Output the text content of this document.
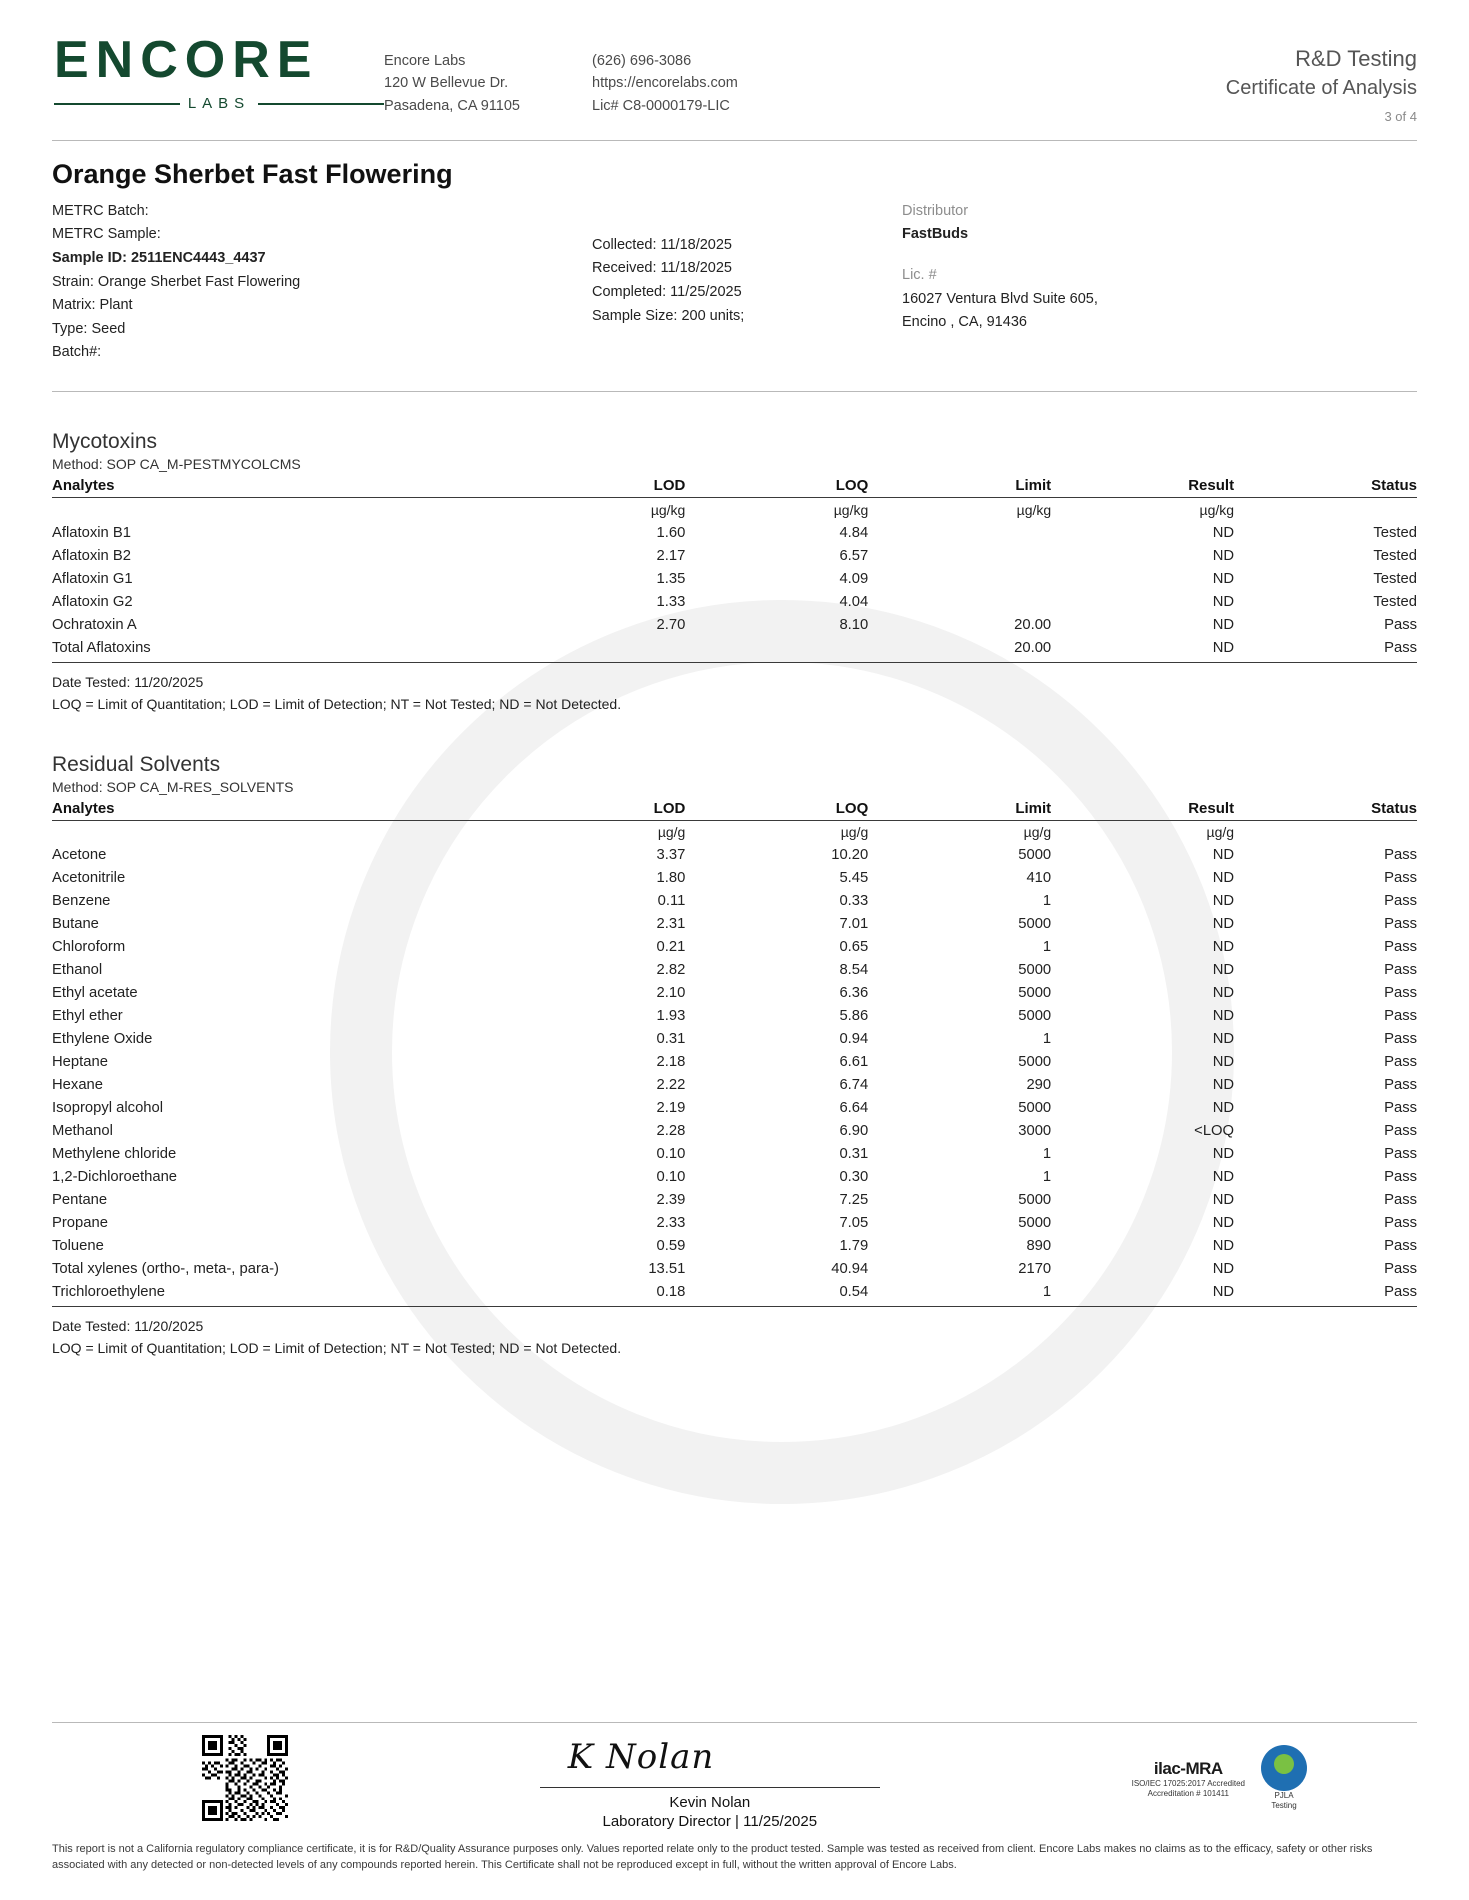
ENCORE
LABS
Encore Labs
120 W Bellevue Dr.
Pasadena, CA 91105
(626) 696-3086
https://encorelabs.com
Lic# C8-0000179-LIC
R&D Testing
Certificate of Analysis
3 of 4
Orange Sherbet Fast Flowering
METRC Batch:
METRC Sample:
Sample ID: 2511ENC4443_4437
Strain: Orange Sherbet Fast Flowering
Matrix: Plant
Type: Seed
Batch#:
Collected: 11/18/2025
Received: 11/18/2025
Completed: 11/25/2025
Sample Size: 200 units;
Distributor
FastBuds
Lic. #
16027 Ventura Blvd Suite 605,
Encino , CA, 91436
Mycotoxins
Method: SOP CA_M-PESTMYCOLCMS
Analytes	LOD	LOQ	Limit	Result	Status
	µg/kg	µg/kg	µg/kg	µg/kg	
Aflatoxin B1	1.60	4.84		ND	Tested
Aflatoxin B2	2.17	6.57		ND	Tested
Aflatoxin G1	1.35	4.09		ND	Tested
Aflatoxin G2	1.33	4.04		ND	Tested
Ochratoxin A	2.70	8.10	20.00	ND	Pass
Total Aflatoxins			20.00	ND	Pass
Date Tested: 11/20/2025
LOQ = Limit of Quantitation; LOD = Limit of Detection; NT = Not Tested; ND = Not Detected.
Residual Solvents
Method: SOP CA_M-RES_SOLVENTS
Analytes	LOD	LOQ	Limit	Result	Status
	µg/g	µg/g	µg/g	µg/g	
Acetone	3.37	10.20	5000	ND	Pass
Acetonitrile	1.80	5.45	410	ND	Pass
Benzene	0.11	0.33	1	ND	Pass
Butane	2.31	7.01	5000	ND	Pass
Chloroform	0.21	0.65	1	ND	Pass
Ethanol	2.82	8.54	5000	ND	Pass
Ethyl acetate	2.10	6.36	5000	ND	Pass
Ethyl ether	1.93	5.86	5000	ND	Pass
Ethylene Oxide	0.31	0.94	1	ND	Pass
Heptane	2.18	6.61	5000	ND	Pass
Hexane	2.22	6.74	290	ND	Pass
Isopropyl alcohol	2.19	6.64	5000	ND	Pass
Methanol	2.28	6.90	3000	<LOQ	Pass
Methylene chloride	0.10	0.31	1	ND	Pass
1,2-Dichloroethane	0.10	0.30	1	ND	Pass
Pentane	2.39	7.25	5000	ND	Pass
Propane	2.33	7.05	5000	ND	Pass
Toluene	0.59	1.79	890	ND	Pass
Total xylenes (ortho-, meta-, para-)	13.51	40.94	2170	ND	Pass
Trichloroethylene	0.18	0.54	1	ND	Pass
Date Tested: 11/20/2025
LOQ = Limit of Quantitation; LOD = Limit of Detection; NT = Not Tested; ND = Not Detected.
K Nolan
Kevin Nolan
Laboratory Director | 11/25/2025
ilac-MRA
ISO/IEC 17025:2017 Accredited
Accreditation # 101411	PJLA
Testing
This report is not a California regulatory compliance certificate, it is for R&D/Quality Assurance purposes only. Values reported relate only to the product tested. Sample was tested as received from client. Encore Labs makes no claims as to the efficacy, safety or other risks associated with any detected or non-detected levels of any compounds reported herein. This Certificate shall not be reproduced except in full, without the written approval of Encore Labs.
